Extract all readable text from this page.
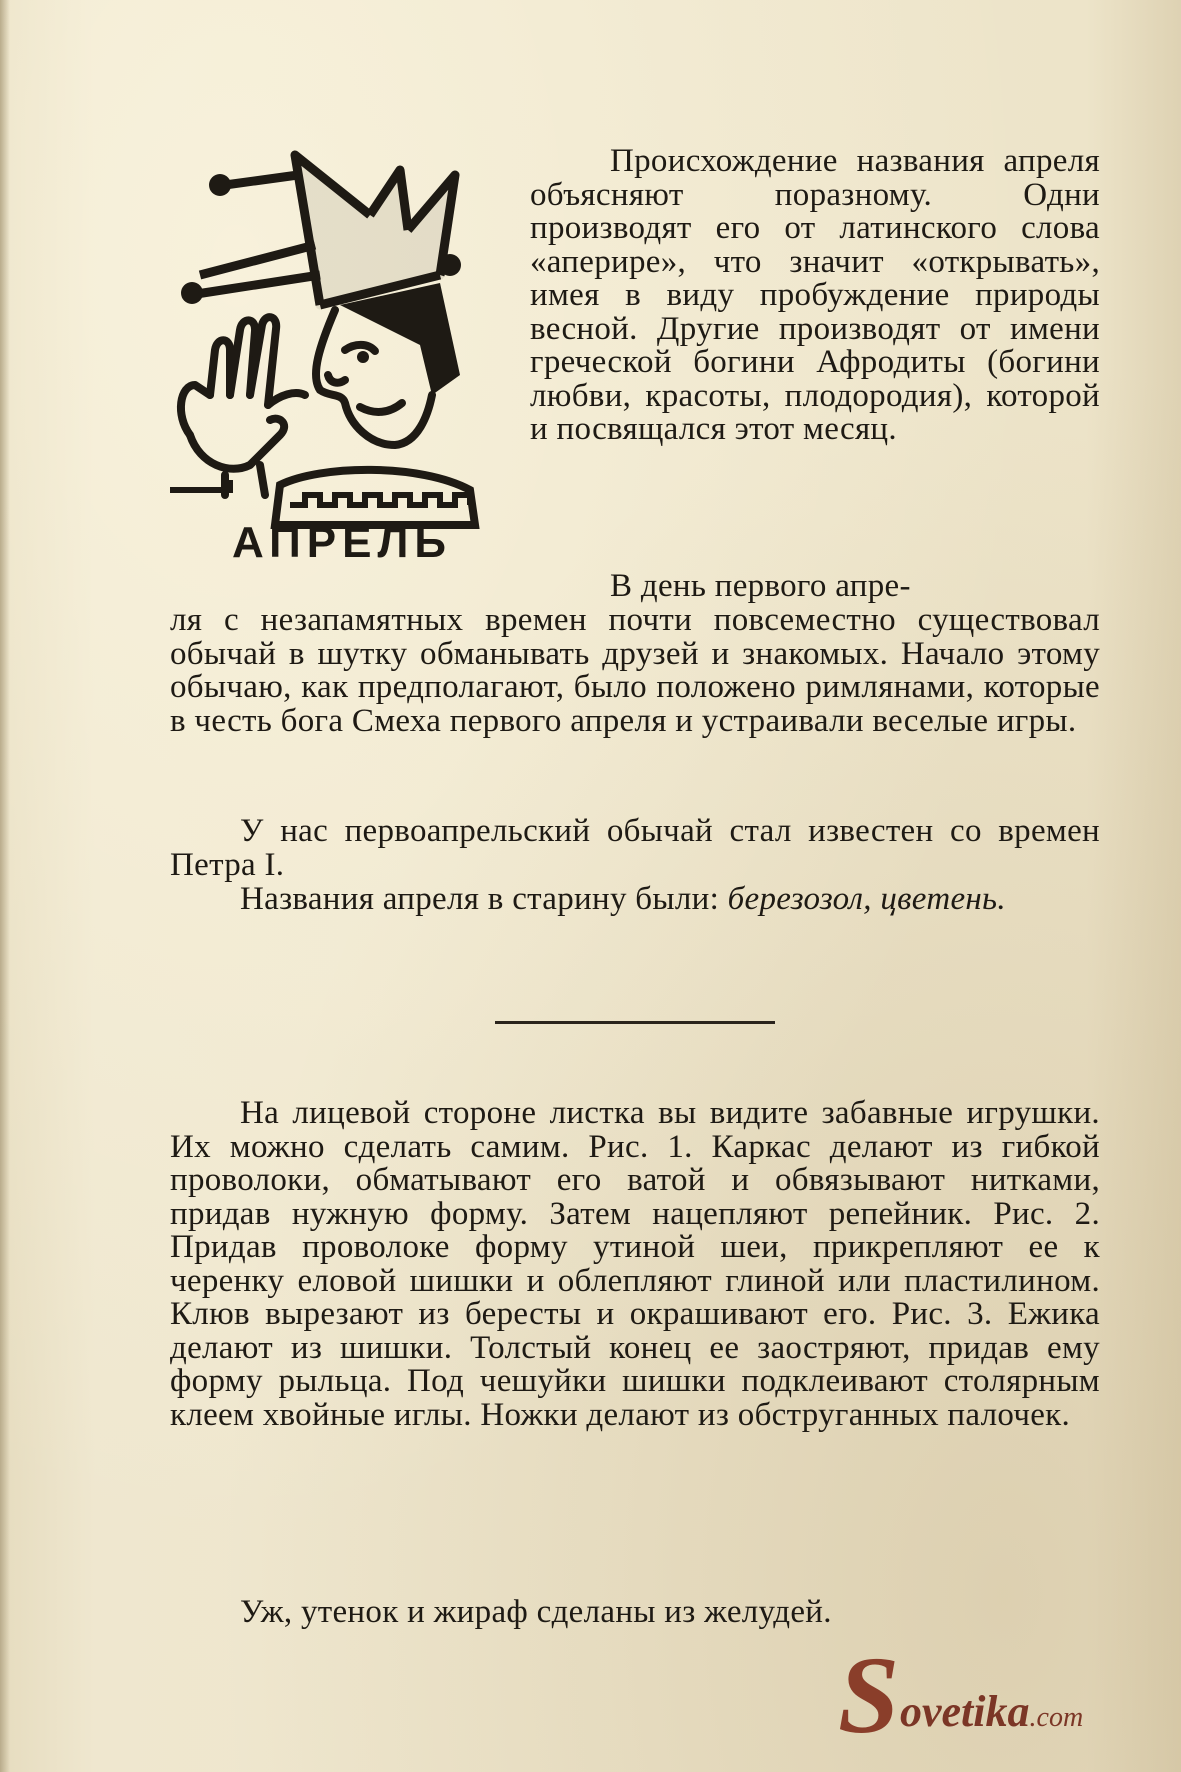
АПРЕЛЬ

Происхождение названия апреля объясняют поразному. Одни производят его от латинского слова «аперире», что значит «открывать», имея в виду пробуждение природы весной. Другие производят от имени греческой богини Афродиты (богини любви, красоты, плодородия), которой и посвящался этот месяц.

В день первого апре-

ля с незапамятных времен почти повсеместно существовал обычай в шутку обманывать друзей и знакомых. Начало этому обычаю, как предполагают, было положено римлянами, которые в честь бога Смеха первого апреля и устраивали веселые игры.

У нас первоапрельский обычай стал известен со времен Петра I.

Названия апреля в старину были: березозол, цветень.

На лицевой стороне листка вы видите забавные игрушки. Их можно сделать самим. Рис. 1. Каркас делают из гибкой проволоки, обматывают его ватой и обвязывают нитками, придав нужную форму. Затем нацепляют репейник. Рис. 2. Придав проволоке форму утиной шеи, прикрепляют ее к черенку еловой шишки и облепляют глиной или пластилином. Клюв вырезают из бересты и окрашивают его. Рис. 3. Ежика делают из шишки. Толстый конец ее заостряют, придав ему форму рыльца. Под чешуйки шишки подклеивают столярным клеем хвойные иглы. Ножки делают из обструганных палочек.

Уж, утенок и жираф сделаны из желудей.

S ovetika.com
